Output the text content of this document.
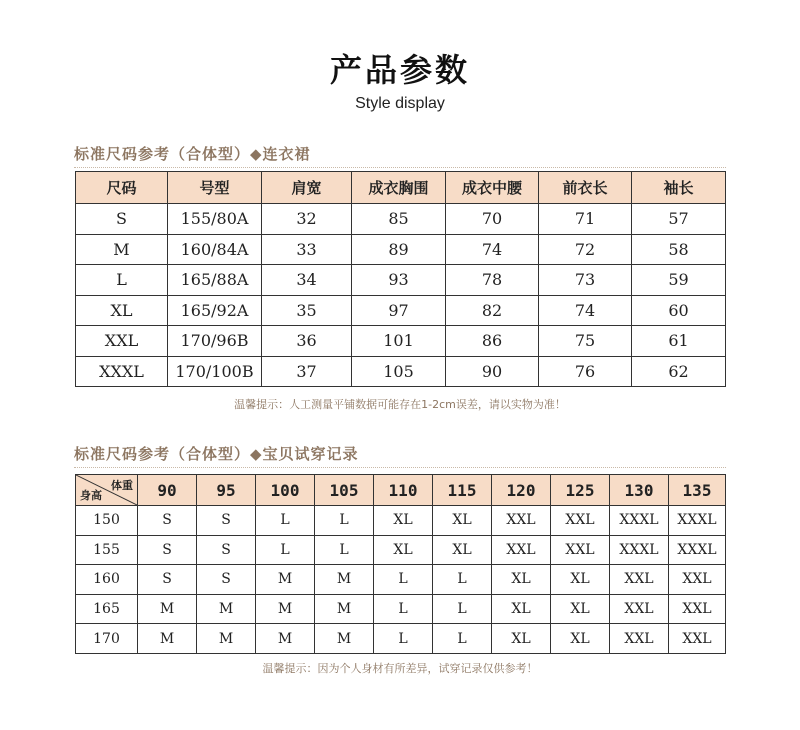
产品参数
Style display
标准尺码参考（合体型）◆连衣裙
尺码	号型	肩宽	成衣胸围	成衣中腰	前衣长	袖长
S	155/80A	32	85	70	71	57
M	160/84A	33	89	74	72	58
L	165/88A	34	93	78	73	59
XL	165/92A	35	97	82	74	60
XXL	170/96B	36	101	86	75	61
XXXL	170/100B	37	105	90	76	62
温馨提示：人工测量平铺数据可能存在1-2cm误差，请以实物为准！
标准尺码参考（合体型）◆宝贝试穿记录
体重
身高	90	95	100	105	110	115	120	125	130	135
150	S	S	L	L	XL	XL	XXL	XXL	XXXL	XXXL
155	S	S	L	L	XL	XL	XXL	XXL	XXXL	XXXL
160	S	S	M	M	L	L	XL	XL	XXL	XXL
165	M	M	M	M	L	L	XL	XL	XXL	XXL
170	M	M	M	M	L	L	XL	XL	XXL	XXL
温馨提示：因为个人身材有所差异，试穿记录仅供参考！
